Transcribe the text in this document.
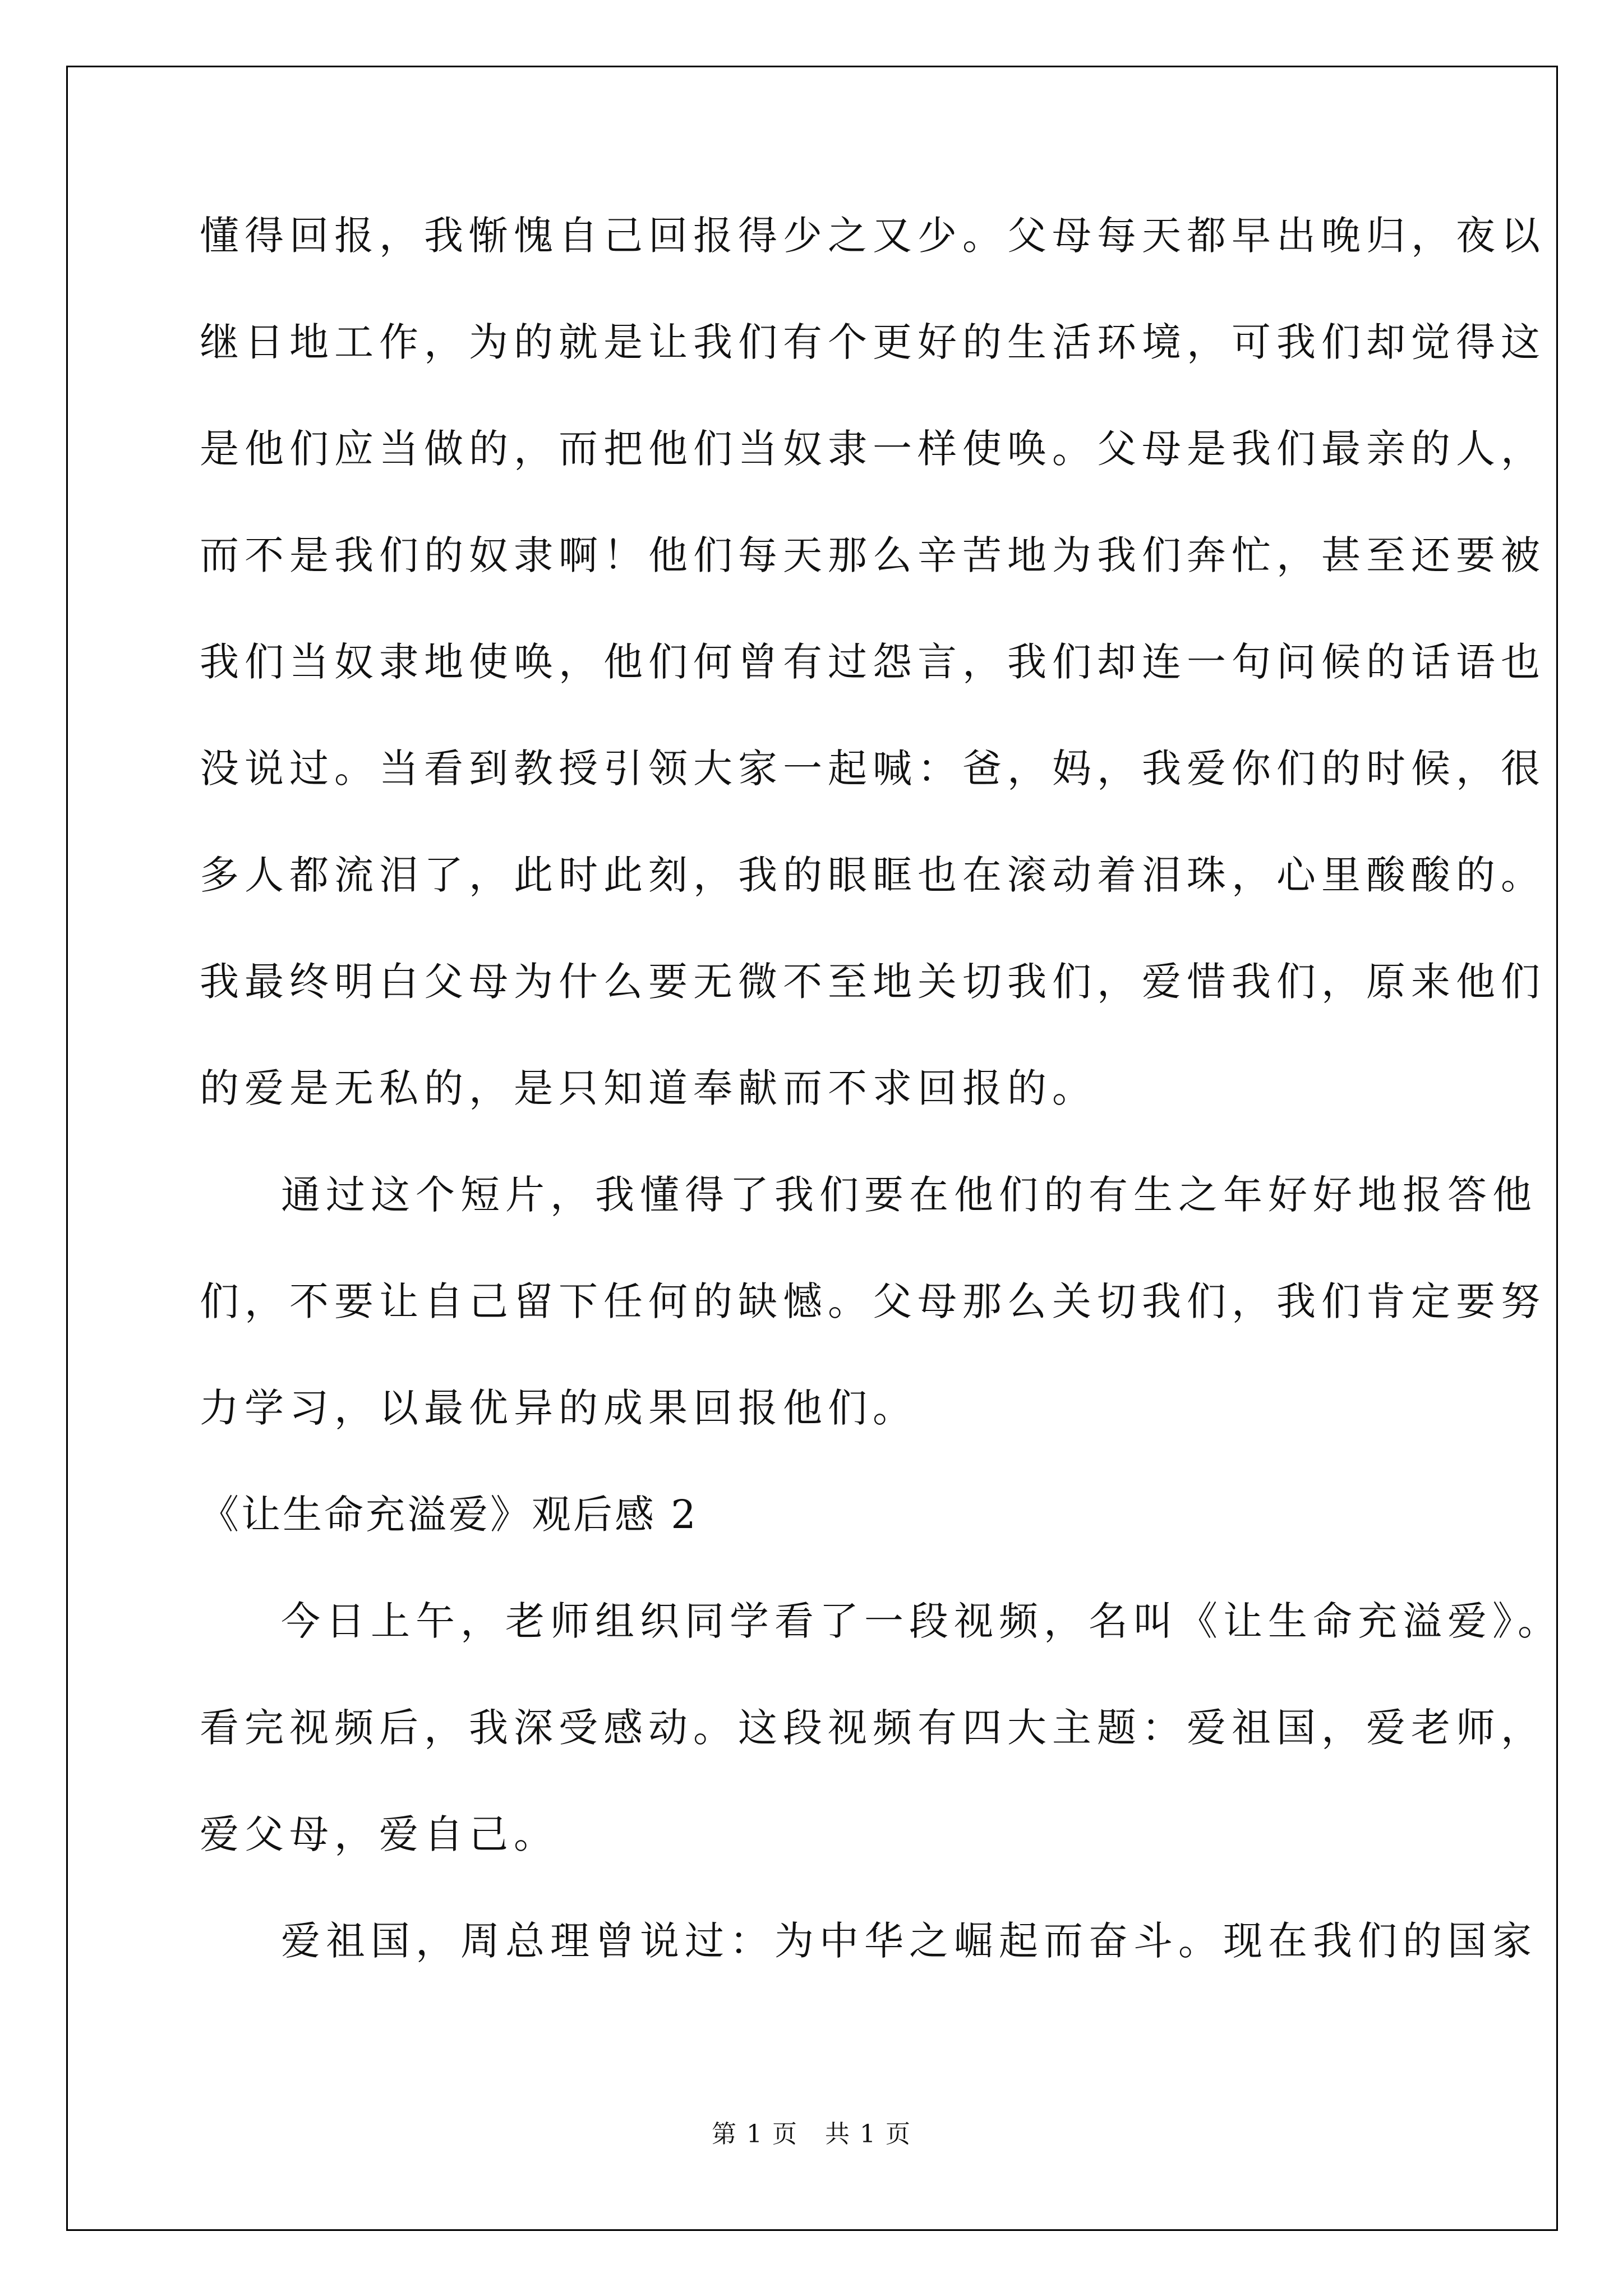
懂得回报，我惭愧自己回报得少之又少。父母每天都早出晚归，夜以
继日地工作，为的就是让我们有个更好的生活环境，可我们却觉得这
是他们应当做的，而把他们当奴隶一样使唤。父母是我们最亲的人，
而不是我们的奴隶啊！他们每天那么辛苦地为我们奔忙，甚至还要被
我们当奴隶地使唤，他们何曾有过怨言，我们却连一句问候的话语也
没说过。当看到教授引领大家一起喊：爸，妈，我爱你们的时候，很
多人都流泪了，此时此刻，我的眼眶也在滚动着泪珠，心里酸酸的。
我最终明白父母为什么要无微不至地关切我们，爱惜我们，原来他们
的爱是无私的，是只知道奉献而不求回报的。
通过这个短片，我懂得了我们要在他们的有生之年好好地报答他
们，不要让自己留下任何的缺憾。父母那么关切我们，我们肯定要努
力学习，以最优异的成果回报他们。
《让生命充溢爱》观后感 2
今日上午，老师组织同学看了一段视频，名叫《让生命充溢爱》。
看完视频后，我深受感动。这段视频有四大主题：爱祖国，爱老师，
爱父母，爱自己。
爱祖国，周总理曾说过：为中华之崛起而奋斗。现在我们的国家
第 1 页   共 1 页
